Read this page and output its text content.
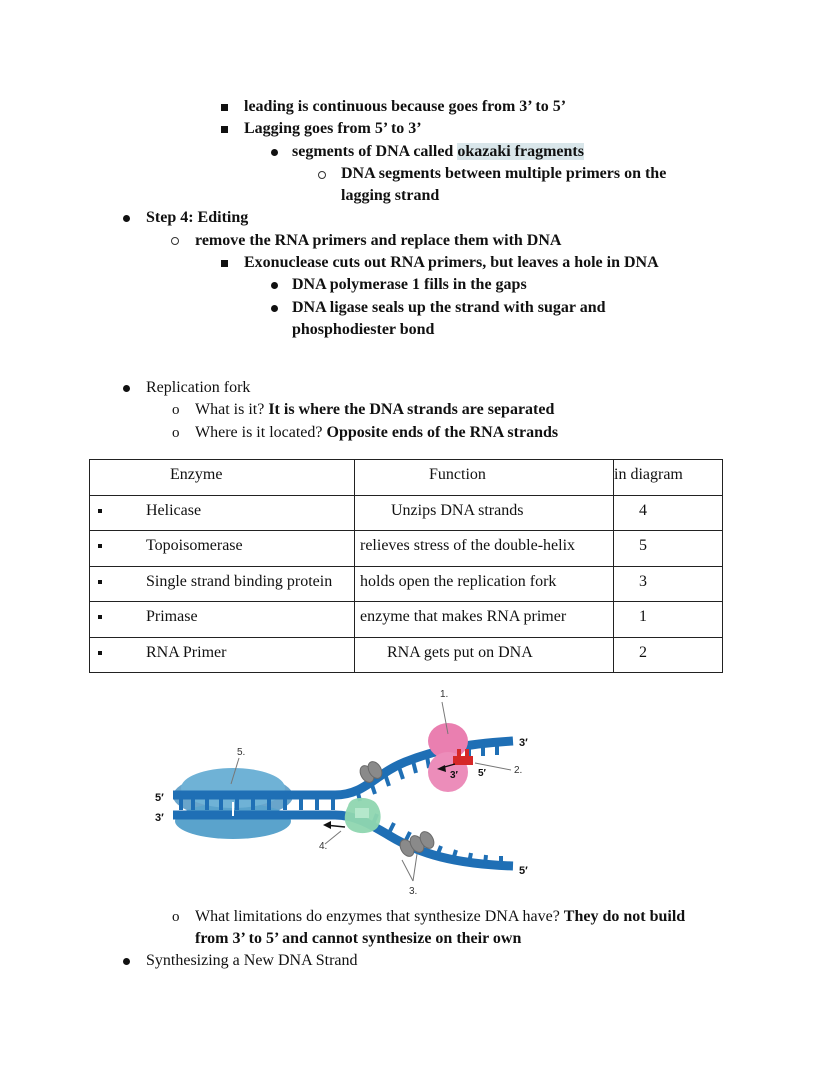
leading is continuous because goes from 3’ to 5’
Lagging goes from 5’ to 3’
segments of DNA called okazaki fragments
DNA segments between multiple primers on the
lagging strand
Step 4: Editing
remove the RNA primers and replace them with DNA
Exonuclease cuts out RNA primers, but leaves a hole in DNA
DNA polymerase 1 fills in the gaps
DNA ligase seals up the strand with sugar and
phosphodiester bond
Replication fork
o What is it? It is where the DNA strands are separated
o Where is it located? Opposite ends of the RNA strands
Enzyme	Function	in diagram

Helicase	Unzips DNA strands	4

Topoisomerase	relieves stress of the double-helix	5

Single strand binding protein	holds open the replication fork	3

Primase	enzyme that makes RNA primer	1

RNA Primer	RNA gets put on DNA	2
1.
2.
3.
4.
5.
5′
3′
3′
5′
3′ 5′
o What limitations do enzymes that synthesize DNA have? They do not build
from 3’ to 5’ and cannot synthesize on their own
Synthesizing a New DNA Strand
